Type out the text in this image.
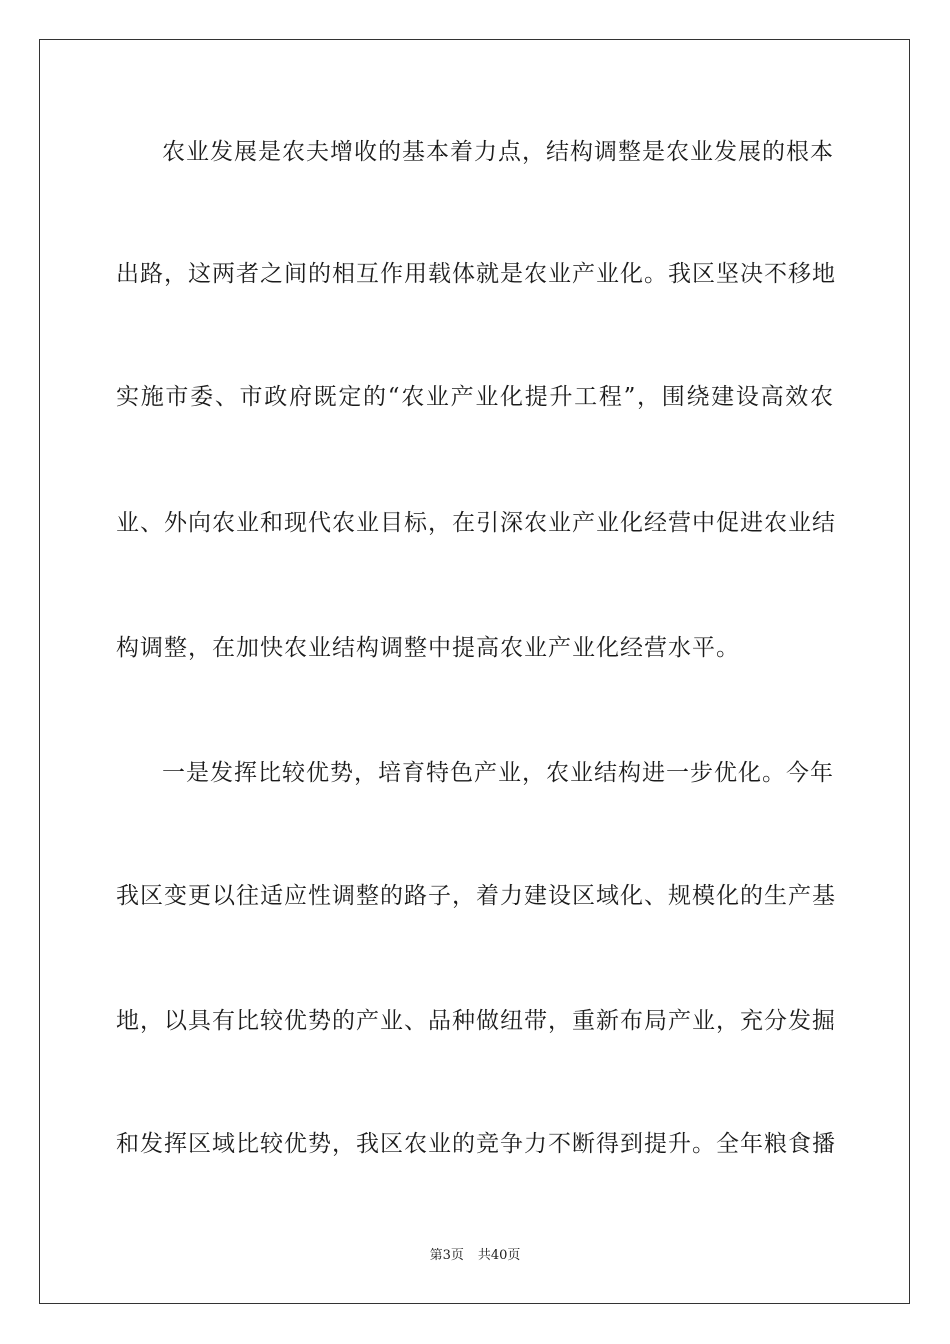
农业发展是农夫增收的基本着力点，结构调整是农业发展的根本
出路，这两者之间的相互作用载体就是农业产业化。我区坚决不移地
实施市委、市政府既定的“农业产业化提升工程”，围绕建设高效农
业、外向农业和现代农业目标，在引深农业产业化经营中促进农业结
构调整，在加快农业结构调整中提高农业产业化经营水平。
一是发挥比较优势，培育特色产业，农业结构进一步优化。今年
我区变更以往适应性调整的路子，着力建设区域化、规模化的生产基
地，以具有比较优势的产业、品种做纽带，重新布局产业，充分发掘
和发挥区域比较优势，我区农业的竞争力不断得到提升。全年粮食播
第3页 共40页
